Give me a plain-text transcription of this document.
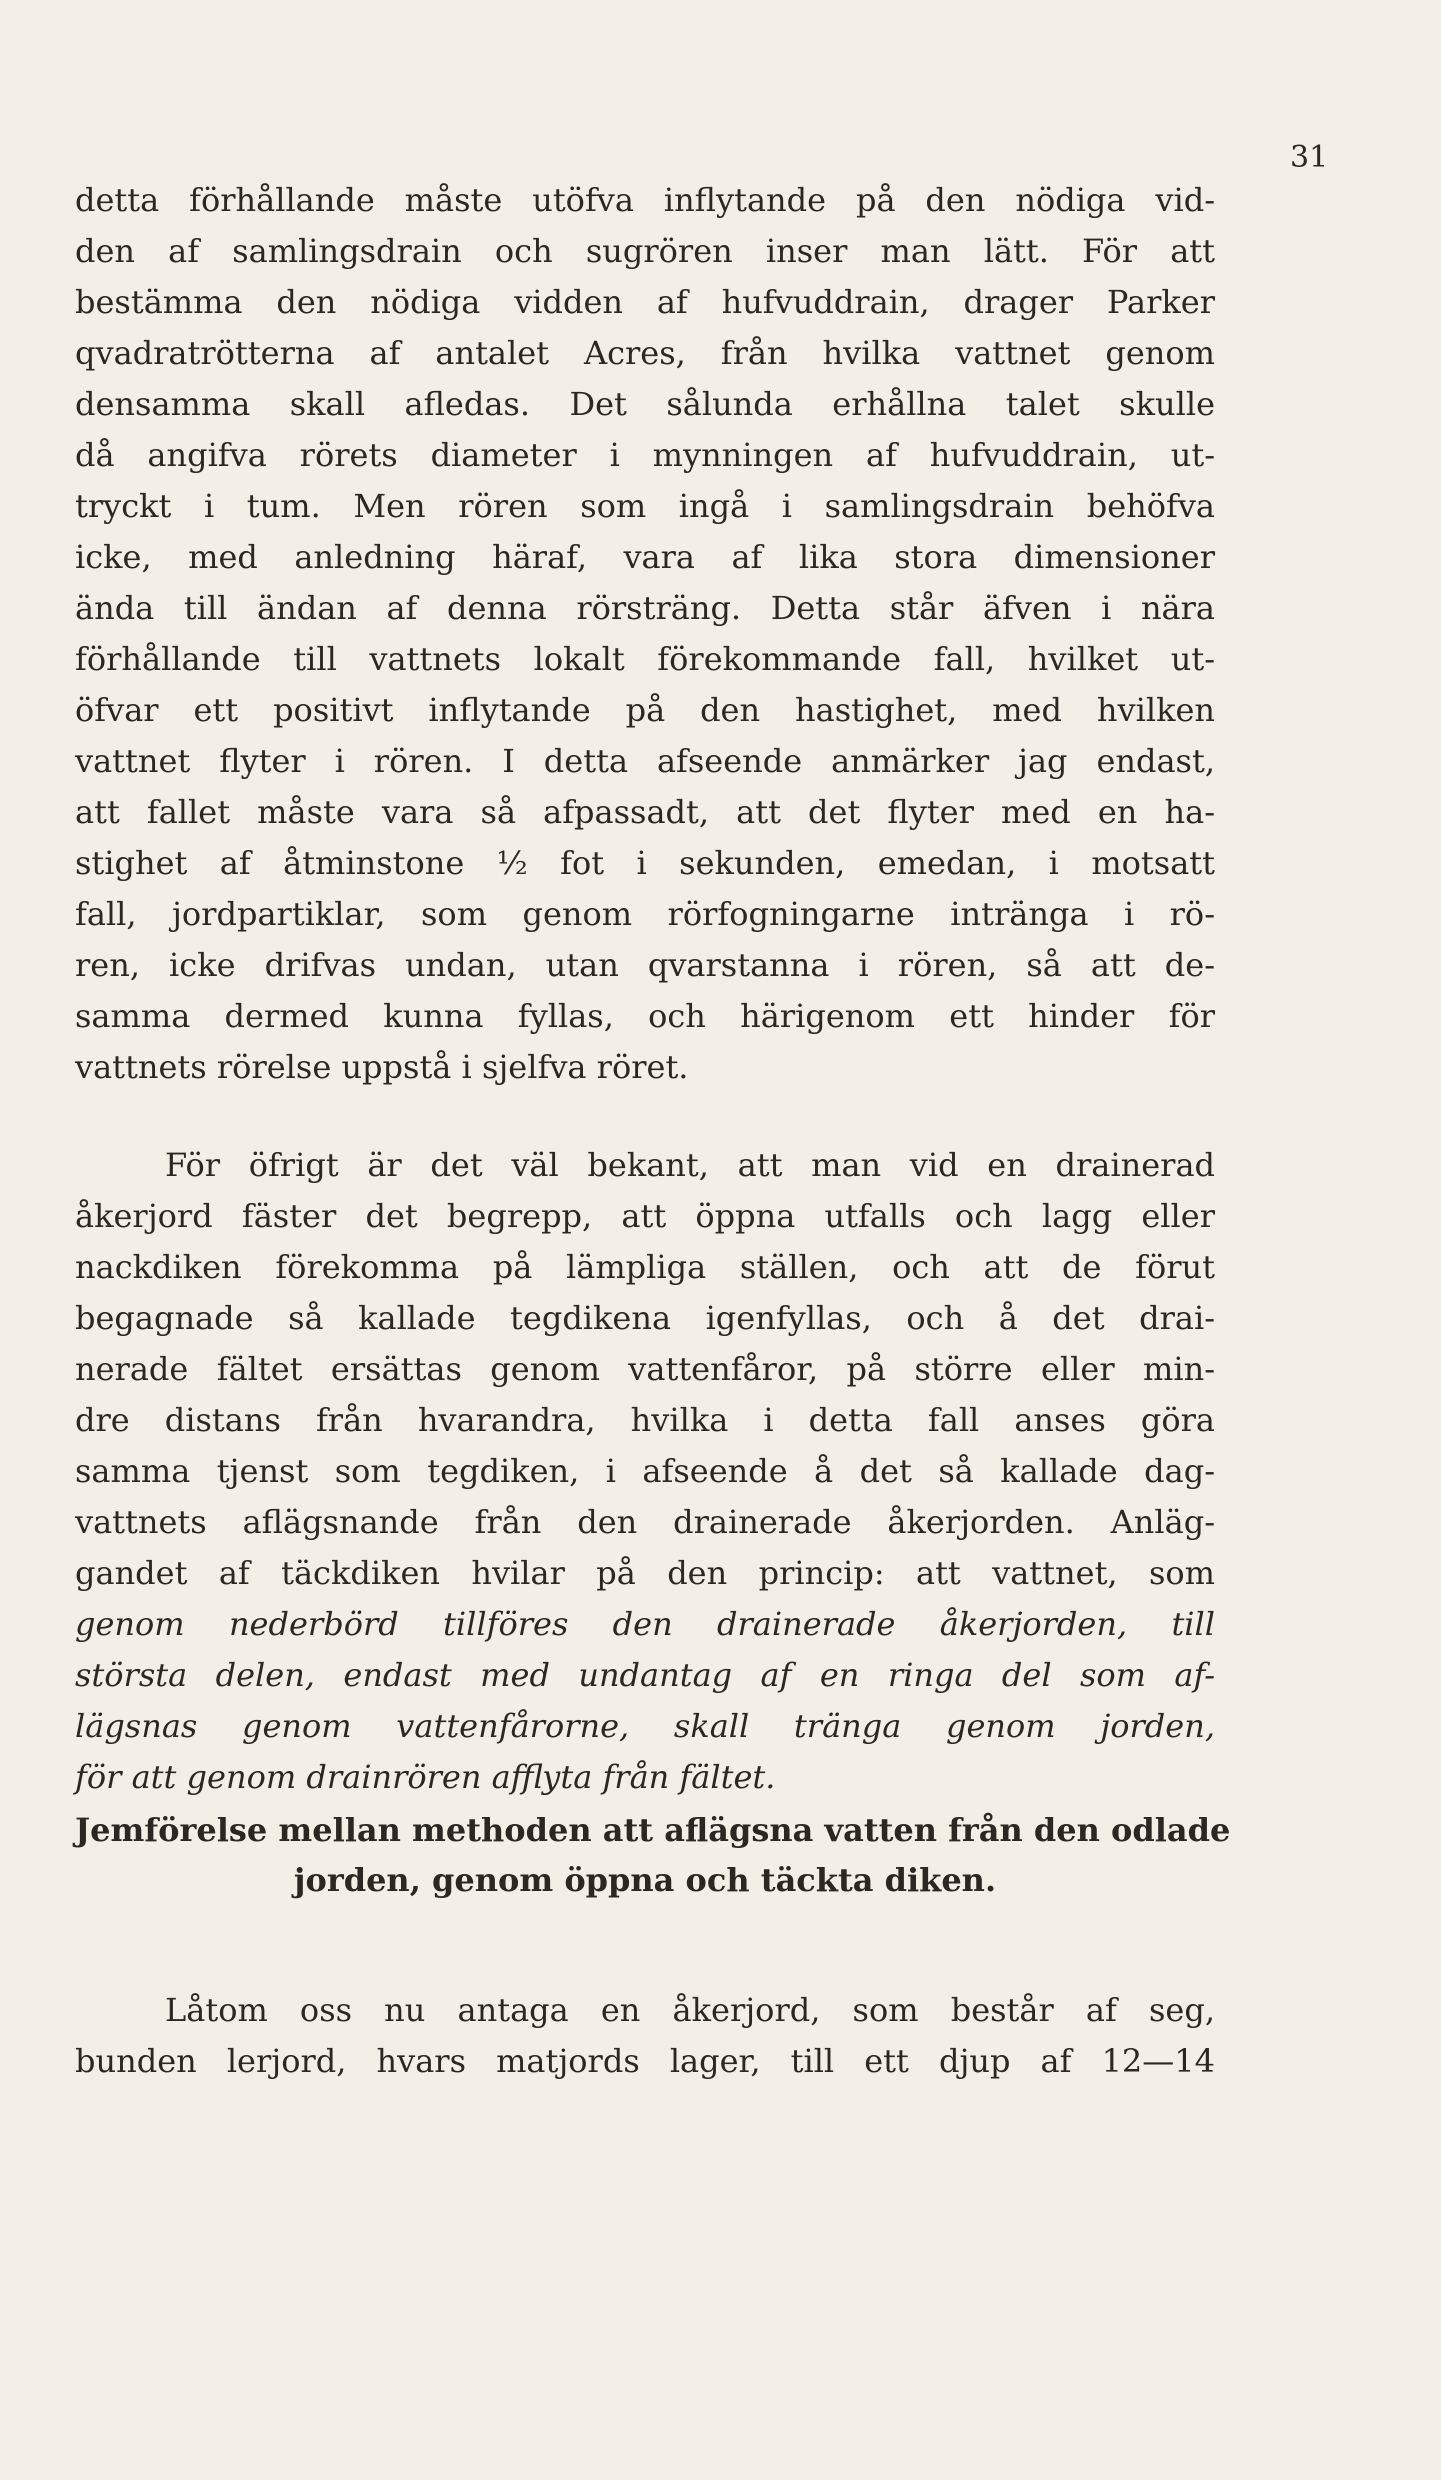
31
detta förhållande måste utöfva inflytande på den nödiga vid-
den af samlingsdrain och sugrören inser man lätt. För att
bestämma den nödiga vidden af hufvuddrain, drager Parker
qvadratrötterna af antalet Acres, från hvilka vattnet genom
densamma skall afledas. Det sålunda erhållna talet skulle
då angifva rörets diameter i mynningen af hufvuddrain, ut-
tryckt i tum. Men rören som ingå i samlingsdrain behöfva
icke, med anledning häraf, vara af lika stora dimensioner
ända till ändan af denna rörsträng. Detta står äfven i nära
förhållande till vattnets lokalt förekommande fall, hvilket ut-
öfvar ett positivt inflytande på den hastighet, med hvilken
vattnet flyter i rören. I detta afseende anmärker jag endast,
att fallet måste vara så afpassadt, att det flyter med en ha-
stighet af åtminstone ½ fot i sekunden, emedan, i motsatt
fall, jordpartiklar, som genom rörfogningarne intränga i rö-
ren, icke drifvas undan, utan qvarstanna i rören, så att de-
samma dermed kunna fyllas, och härigenom ett hinder för
vattnets rörelse uppstå i sjelfva röret.
För öfrigt är det väl bekant, att man vid en drainerad
åkerjord fäster det begrepp, att öppna utfalls och lagg eller
nackdiken förekomma på lämpliga ställen, och att de förut
begagnade så kallade tegdikena igenfyllas, och å det drai-
nerade fältet ersättas genom vattenfåror, på större eller min-
dre distans från hvarandra, hvilka i detta fall anses göra
samma tjenst som tegdiken, i afseende å det så kallade dag-
vattnets aflägsnande från den drainerade åkerjorden. Anläg-
gandet af täckdiken hvilar på den princip: att vattnet, som
genom nederbörd tillföres den drainerade åkerjorden, till
största delen, endast med undantag af en ringa del som af-
lägsnas genom vattenfårorne, skall tränga genom jorden,
för att genom drainrören afflyta från fältet.
Jemförelse mellan methoden att aflägsna vatten från den odlade
jorden, genom öppna och täckta diken.
Låtom oss nu antaga en åkerjord, som består af seg,
bunden lerjord, hvars matjords lager, till ett djup af 12—14
